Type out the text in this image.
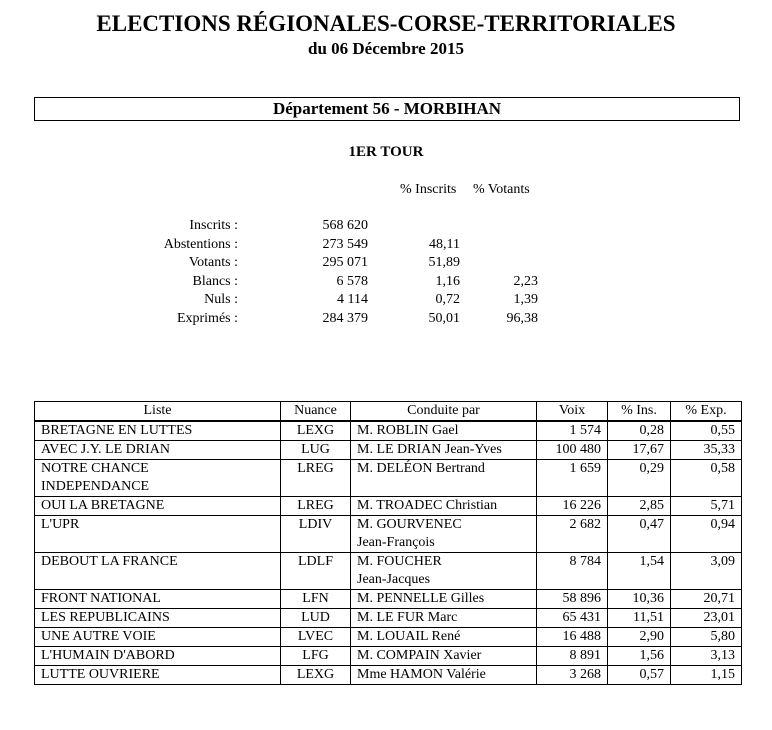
ELECTIONS RÉGIONALES-CORSE-TERRITORIALES
du 06 Décembre 2015
Département 56 - MORBIHAN
1ER TOUR
% Inscrits % Votants
Inscrits :	568 620
Abstentions :	273 549	48,11
Votants :	295 071	51,89
Blancs :	6 578	1,16	2,23
Nuls :	4 114	0,72	1,39
Exprimés :	284 379	50,01	96,38
Liste	Nuance	Conduite par	Voix	% Ins.	% Exp.

BRETAGNE EN LUTTES	LEXG	M. ROBLIN Gael	1 574	0,28	0,55

AVEC J.Y. LE DRIAN	LUG	M. LE DRIAN Jean-Yves	100 480	17,67	35,33

NOTRE CHANCE
INDEPENDANCE	LREG	M. DELÉON Bertrand	1 659	0,29	0,58

OUI LA BRETAGNE	LREG	M. TROADEC Christian	16 226	2,85	5,71

L'UPR	LDIV	M. GOURVENEC
Jean-François	2 682	0,47	0,94

DEBOUT LA FRANCE	LDLF	M. FOUCHER
Jean-Jacques	8 784	1,54	3,09

FRONT NATIONAL	LFN	M. PENNELLE Gilles	58 896	10,36	20,71

LES REPUBLICAINS	LUD	M. LE FUR Marc	65 431	11,51	23,01

UNE AUTRE VOIE	LVEC	M. LOUAIL René	16 488	2,90	5,80

L'HUMAIN D'ABORD	LFG	M. COMPAIN Xavier	8 891	1,56	3,13

LUTTE OUVRIERE	LEXG	Mme HAMON Valérie	3 268	0,57	1,15
